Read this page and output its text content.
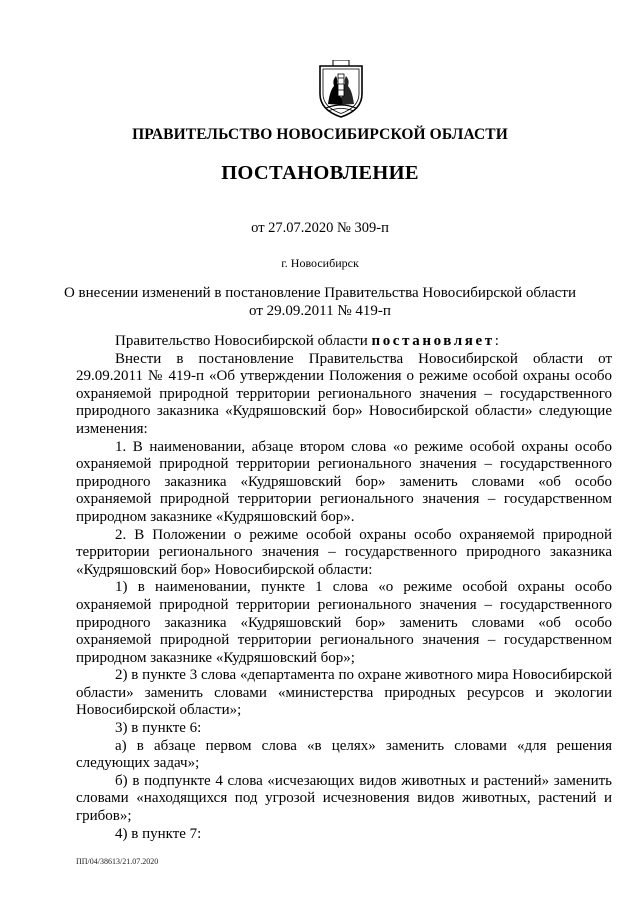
ПРАВИТЕЛЬСТВО НОВОСИБИРСКОЙ ОБЛАСТИ
ПОСТАНОВЛЕНИЕ
от 27.07.2020 № 309-п
г. Новосибирск
О внесении изменений в постановление Правительства Новосибирской области
от 29.09.2011 № 419-п

Правительство Новосибирской области постановляет:

Внести в постановление Правительства Новосибирской области от 29.09.2011 № 419-п «Об утверждении Положения о режиме особой охраны особо охраняемой природной территории регионального значения – государственного природного заказника «Кудряшовский бор» Новосибирской области» следующие изменения:

1. В наименовании, абзаце втором слова «о режиме особой охраны особо охраняемой природной территории регионального значения – государственного природного заказника «Кудряшовский бор» заменить словами «об особо охраняемой природной территории регионального значения – государственном природном заказнике «Кудряшовский бор».

2. В Положении о режиме особой охраны особо охраняемой природной территории регионального значения – государственного природного заказника «Кудряшовский бор» Новосибирской области:

1) в наименовании, пункте 1 слова «о режиме особой охраны особо охраняемой природной территории регионального значения – государственного природного заказника «Кудряшовский бор» заменить словами «об особо охраняемой природной территории регионального значения – государственном природном заказнике «Кудряшовский бор»;

2) в пункте 3 слова «департамента по охране животного мира Новосибирской области» заменить словами «министерства природных ресурсов и экологии Новосибирской области»;

3) в пункте 6:

а) в абзаце первом слова «в целях» заменить словами «для решения следующих задач»;

б) в подпункте 4 слова «исчезающих видов животных и растений» заменить словами «находящихся под угрозой исчезновения видов животных, растений и грибов»;

4) в пункте 7:

ПП/04/38613/21.07.2020
